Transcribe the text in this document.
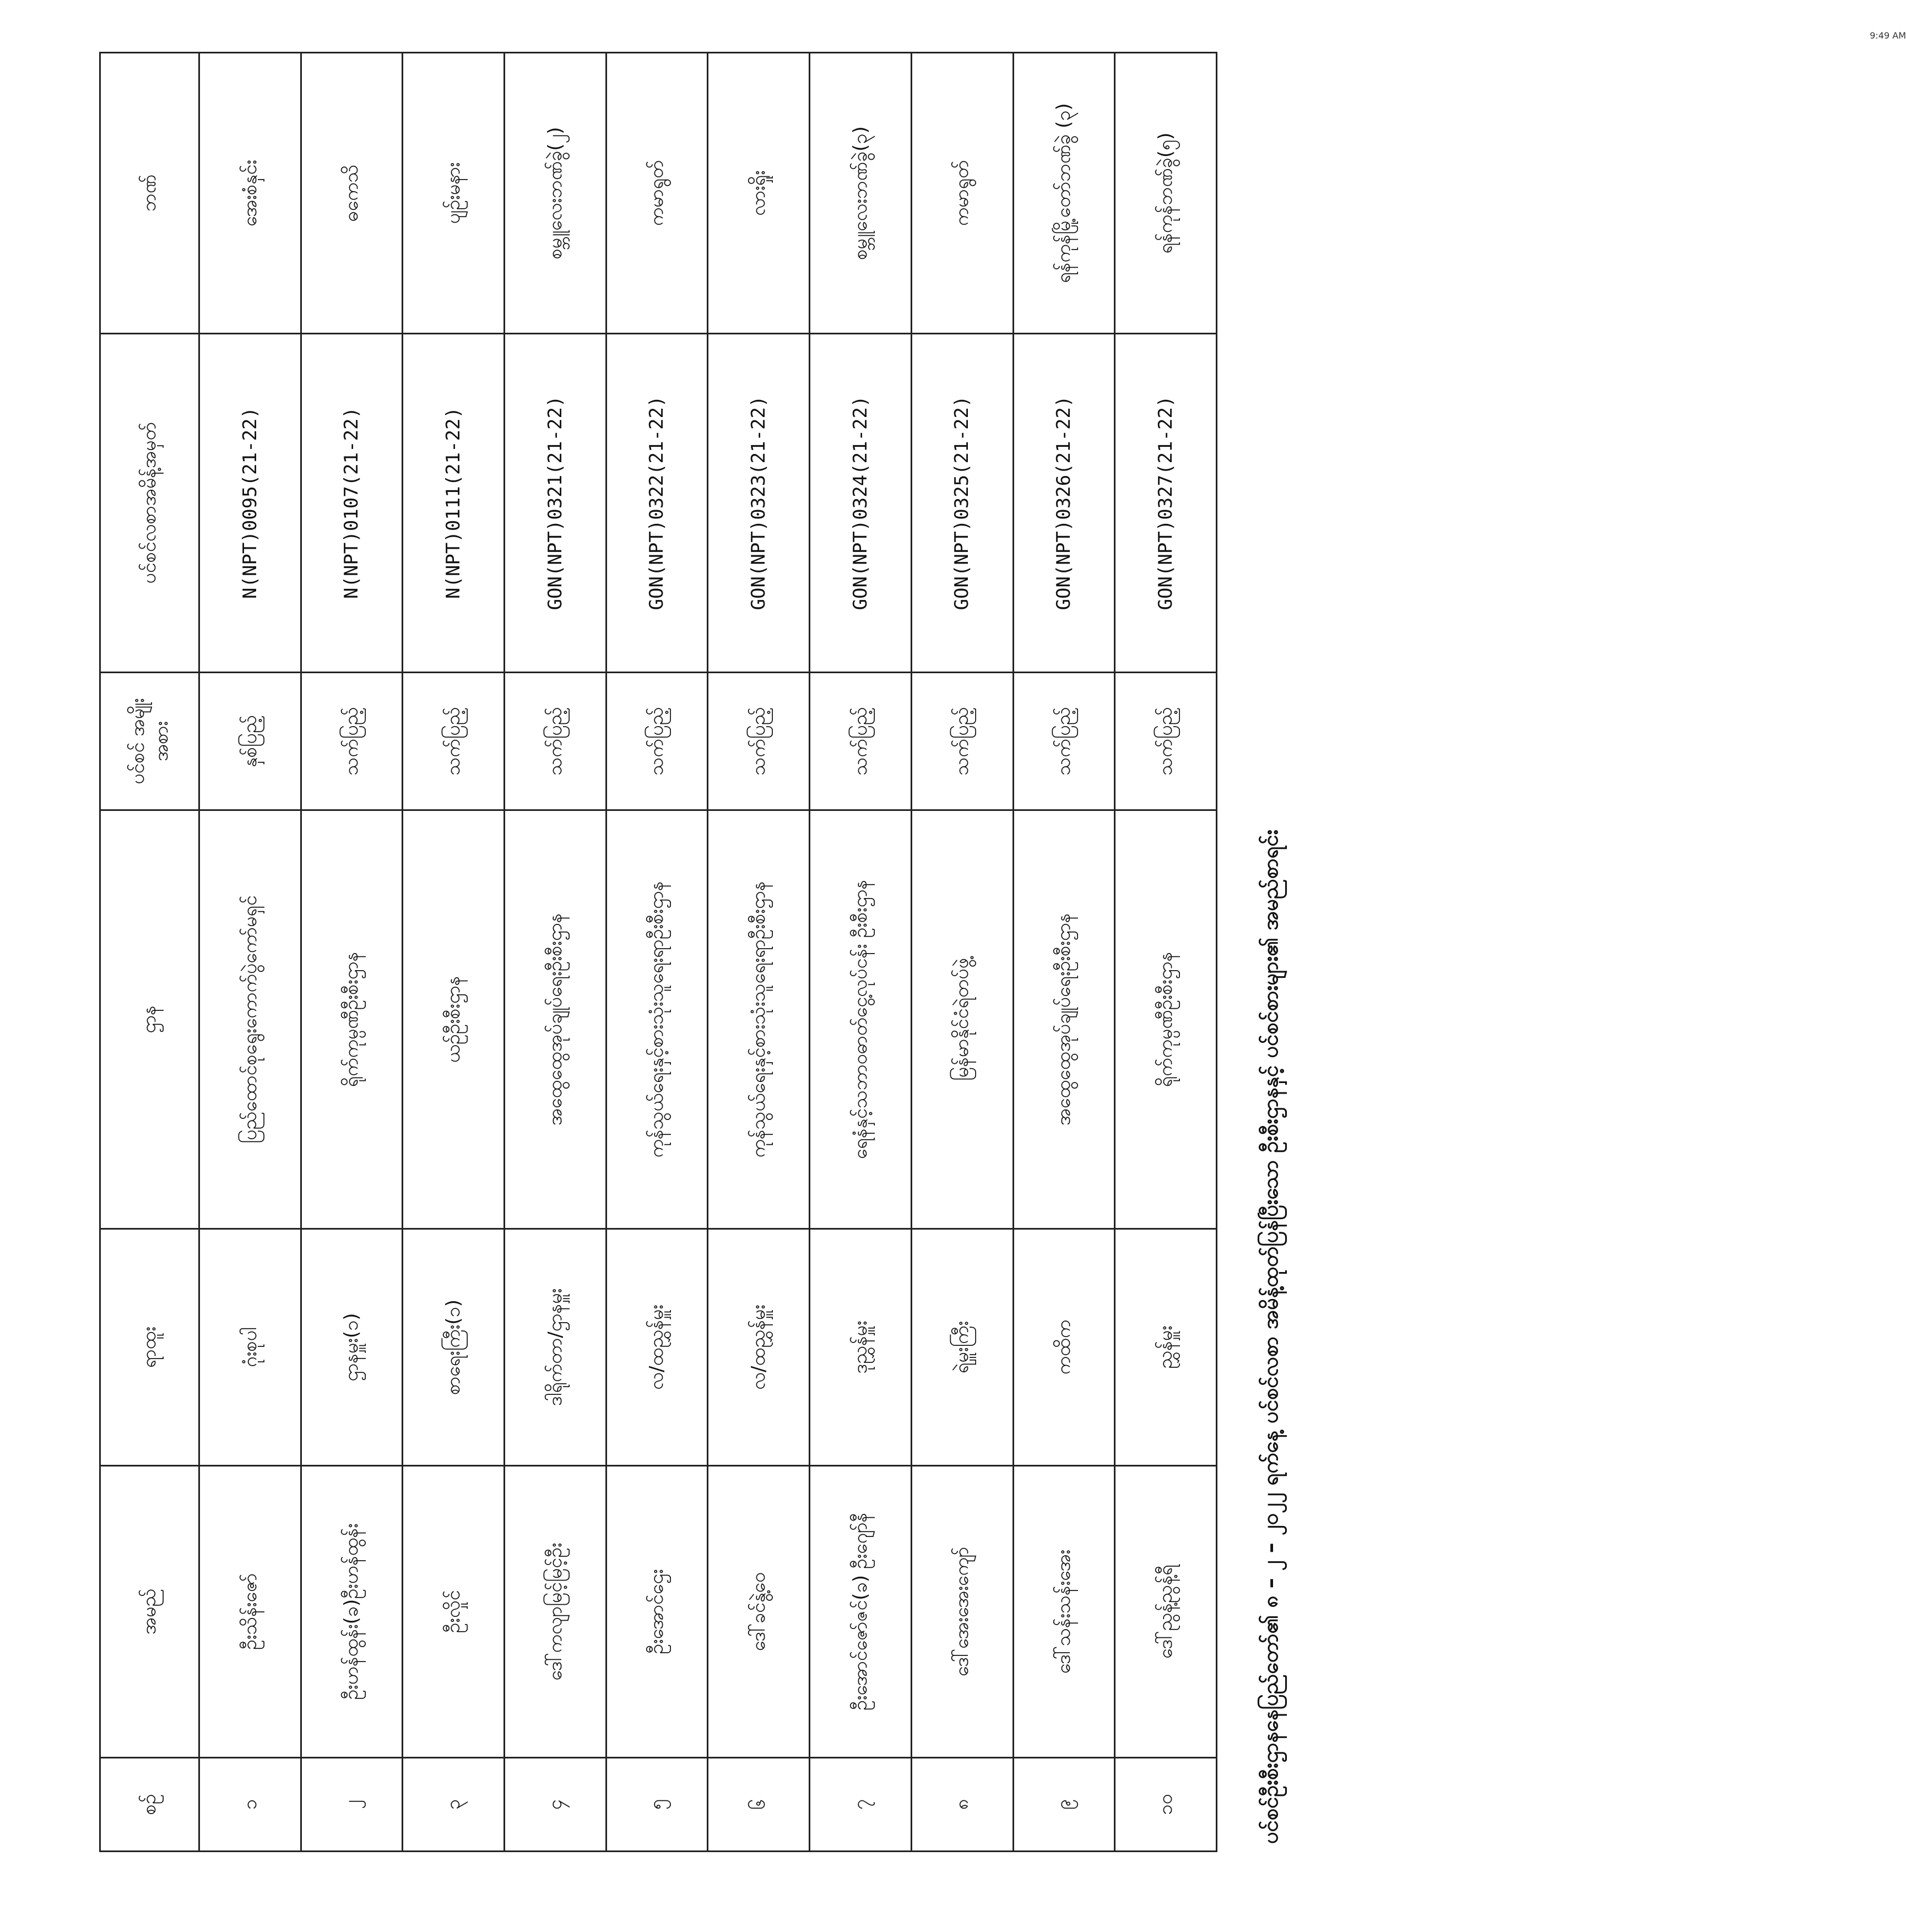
9:49 AM
ပင်စင်ဦးစီးဌာနနေပြည်တော်၏ ၈ – ၂ – ၂၀၂၂ ရက်နေ့ ပင်စင်လစာ အမိန့်ထုတ်ပြန်ပြီးသော ဦးစီးဌာနနှင့် ပင်စင်စားများ၏ အမည်စာရင်း
စဉ်	အမည်	ရာထူး	ဌာန	ပင်စင် အမျိုးအစား	ပင်စင်လစာအမိန့်အမှတ်	ဘဏ်
၁	ဦးသိန်းဇော်	ဂုံးစုပါ	ပြည်ထောင်စုရွေးကောက်ပွဲကော်မရှင်	နှစ်ပြည့်	N(NPT)0095(21-22)	အေးစံနှင်း
၂	ဦးဟန်ထွန်း(ခ)ဦးဟန်ထွန်း	ဌာနမှူး(၁)	ရိုက်ကုမ္ပဏီဦးစီးဌာန	သက်ပြည့်	N(NPT)0107(21-22)	ဓကေသိ
၃	ဦးလှိုင်	စာရေးကြီး(၁)	ယဉ်ဦးစီးဌာန	သက်ပြည့်	N(NPT)0111(21-22)	ပျဉ်းမနား
၄	ဒေါ်ကလျာမြင့်မြင့်ဦး	ဒါရိုက်တာ/ဌာနမှူး	အထွေထွေအုပ်ချုပ်ရေးဦးစီးဌာန	သက်ပြည့်	GON(NPT)0321(21-22)	စမ္ဘူလေးဘဏ်ခွဲ(၂)
၅	ဦးအောင်ဌေး	လ/ထညွှန်မှူး	ကုန်သွယ်ရေးနှင့်စားသုံးသူရေးရာဦးစီးဌာန	သက်ပြည့်	GON(NPT)0322(21-22)	ကမာရွတ်
၆	ဒေါ်ခင်နွဲ့ဝေ	လ/ထညွှန်မှူး	ကုန်သွယ်ရေးနှင့်စားသုံးသူရေးရာဦးစီးဌာန	သက်ပြည့်	GON(NPT)0323(21-22)	လားရှိုး
၇	ဦးအောင်ဇော်ဇင်(ခ) ဦးဂျော်နီ	ဒုညွှန်မှူး	ရေနံနှင့်သဘာဝဓာတ်ငွေ့လုပ်ငန်း ဦးစီးဌာန	သက်ပြည့်	GON(NPT)0324(21-22)	စမ္ဘူလေးဘဏ်ခွဲ(၃)
၈	ဒေါ်အေးအေးကျော်	ရဲမှူးကြီး	မြန်မာနိုင်ငံရဲတပ်ဖွဲ့	သက်ပြည့်	GON(NPT)0325(21-22)	ကမာရွတ်
၉	ဒေါ်သန်းသန်းအေး	ကထိက	အထွေထွေအုပ်ချုပ်ရေးဦးစီးဌာန	သက်ပြည့်	GON(NPT)0326(21-22)	ရန်ကုန်မြို့တော်ဘဏ်ခွဲ (၃)
၁၀	ဒေါ်ညွန့်ညွန့်ရီ	ညွှန်မှူး	ရိုက်ကုမ္ပဏီဦးစီးဌာန	သက်ပြည့်	GON(NPT)0327(21-22)	ရန်ကုန်ဘဏ်ခွဲ(၅)
